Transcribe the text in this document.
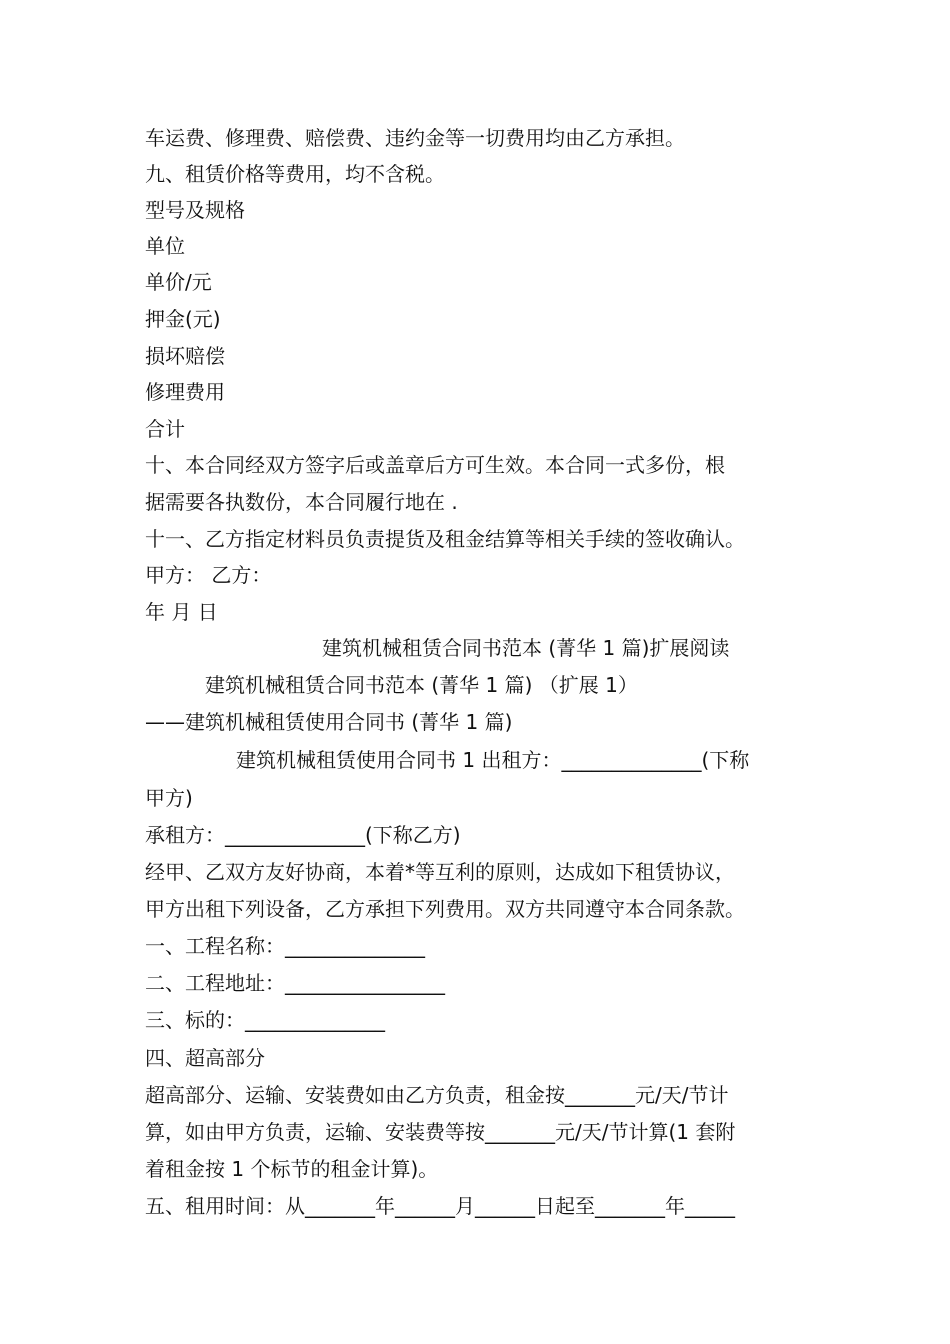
车运费、修理费、赔偿费、违约金等一切费用均由乙方承担。
九、租赁价格等费用，均不含税。
型号及规格
单位
单价/元
押金(元)
损坏赔偿
修理费用
合计
十、本合同经双方签字后或盖章后方可生效。本合同一式多份，根
据需要各执数份，本合同履行地在 .
十一、乙方指定材料员负责提货及租金结算等相关手续的签收确认。
甲方： 乙方：
年 月 日
建筑机械租赁合同书范本 (菁华 1 篇)扩展阅读
建筑机械租赁合同书范本 (菁华 1 篇) （扩展 1）
——建筑机械租赁使用合同书 (菁华 1 篇)
建筑机械租赁使用合同书 1 出租方：______________(下称
甲方)
承租方：______________(下称乙方)
经甲、乙双方友好协商，本着*等互利的原则，达成如下租赁协议，
甲方出租下列设备，乙方承担下列费用。双方共同遵守本合同条款。
一、工程名称：______________
二、工程地址：________________
三、标的：______________
四、超高部分
超高部分、运输、安装费如由乙方负责，租金按_______元/天/节计
算，如由甲方负责，运输、安装费等按_______元/天/节计算(1 套附
着租金按 1 个标节的租金计算)。
五、租用时间：从_______年______月______日起至_______年_____
